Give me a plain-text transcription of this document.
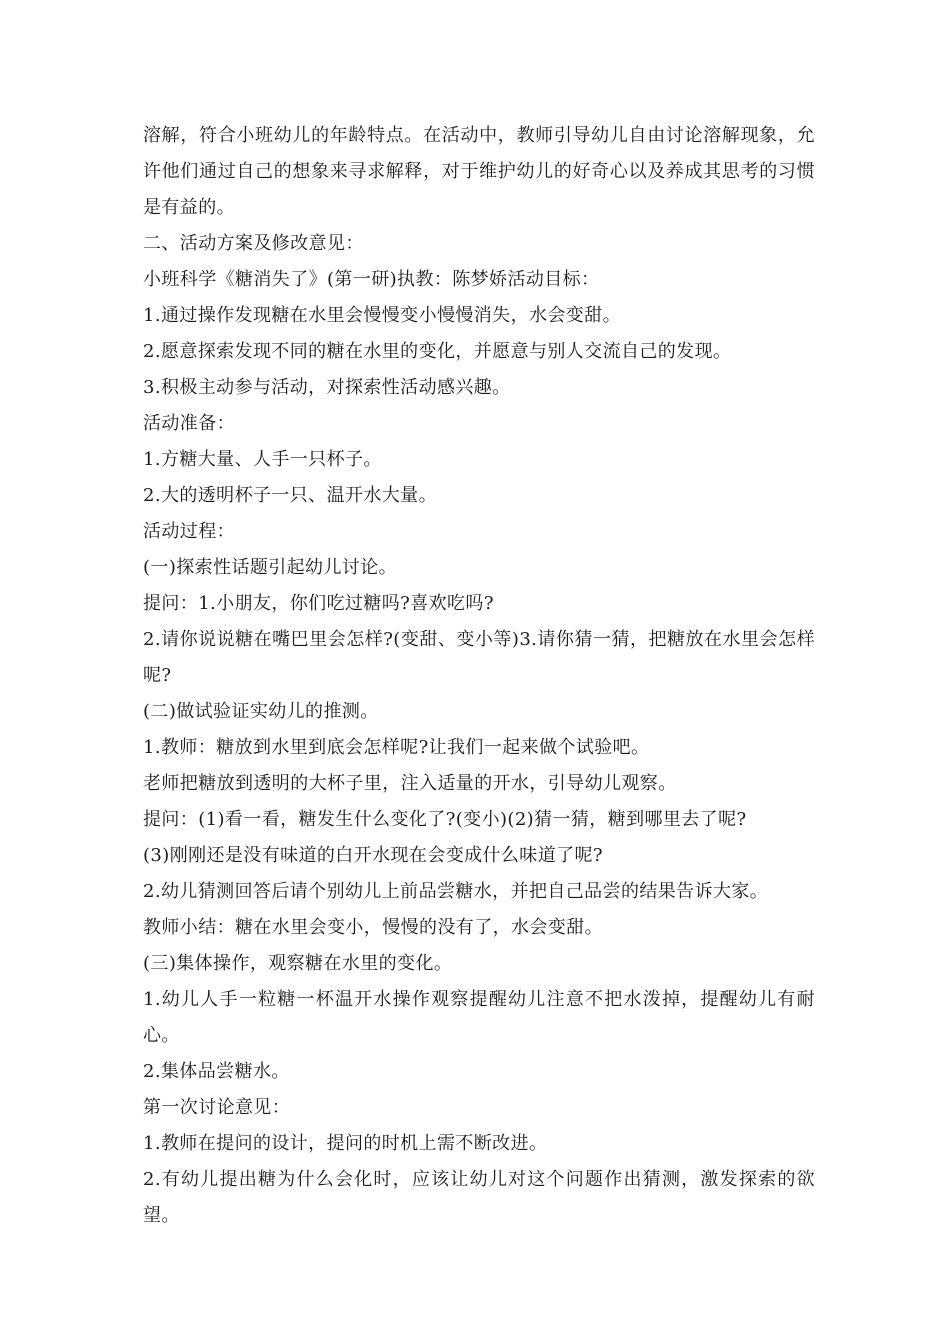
溶解，符合小班幼儿的年龄特点。在活动中，教师引导幼儿自由讨论溶解现象，允许他们通过自己的想象来寻求解释，对于维护幼儿的好奇心以及养成其思考的习惯是有益的。

二、活动方案及修改意见：

小班科学《糖消失了》(第一研)执教：陈梦娇活动目标：

1.通过操作发现糖在水里会慢慢变小慢慢消失，水会变甜。

2.愿意探索发现不同的糖在水里的变化，并愿意与别人交流自己的发现。

3.积极主动参与活动，对探索性活动感兴趣。

活动准备：

1.方糖大量、人手一只杯子。

2.大的透明杯子一只、温开水大量。

活动过程：

(一)探索性话题引起幼儿讨论。

提问：1.小朋友，你们吃过糖吗?喜欢吃吗?

2.请你说说糖在嘴巴里会怎样?(变甜、变小等)3.请你猜一猜，把糖放在水里会怎样呢?

(二)做试验证实幼儿的推测。

1.教师：糖放到水里到底会怎样呢?让我们一起来做个试验吧。

老师把糖放到透明的大杯子里，注入适量的开水，引导幼儿观察。

提问：(1)看一看，糖发生什么变化了?(变小)(2)猜一猜，糖到哪里去了呢?

(3)刚刚还是没有味道的白开水现在会变成什么味道了呢?

2.幼儿猜测回答后请个别幼儿上前品尝糖水，并把自己品尝的结果告诉大家。

教师小结：糖在水里会变小，慢慢的没有了，水会变甜。

(三)集体操作，观察糖在水里的变化。

1.幼儿人手一粒糖一杯温开水操作观察提醒幼儿注意不把水泼掉，提醒幼儿有耐心。

2.集体品尝糖水。

第一次讨论意见：

1.教师在提问的设计，提问的时机上需不断改进。

2.有幼儿提出糖为什么会化时，应该让幼儿对这个问题作出猜测，激发探索的欲望。
